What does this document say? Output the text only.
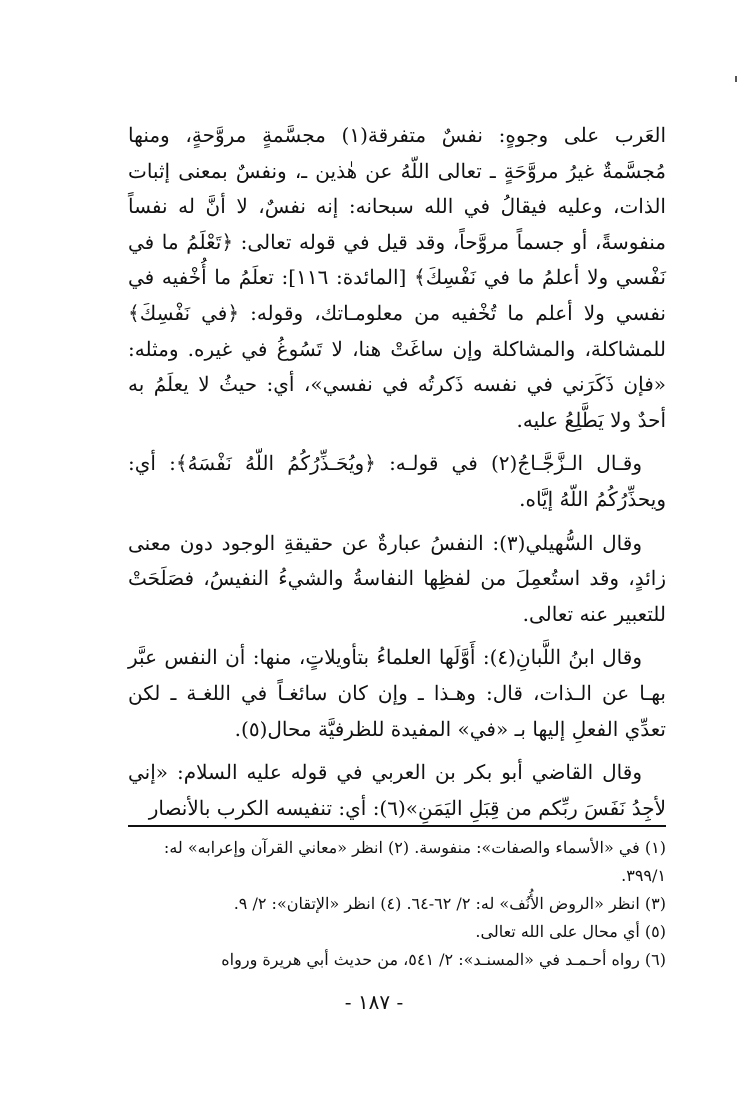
العَرب على وجوهٍ: نفسٌ متفرقة(١) مجسَّمةٍ مروَّحةٍ، ومنها مُجسَّمةٌ غيرُ مروَّحَةٍ ـ تعالى اللّهُ عن هٰذين ـ، ونفسٌ بمعنى إثبات الذات، وعليه فيقالُ في الله سبحانه: إنه نفسٌ، لا أنَّ له نفساً منفوسةً، أو جسماً مروَّحاً، وقد قيل في قوله تعالى: ﴿تَعْلَمُ ما في نَفْسي ولا أعلمُ ما في نَفْسِكَ﴾ [المائدة: ١١٦]: تعلَمُ ما أُخْفيه في نفسي ولا أعلم ما تُخْفيه من معلومـاتك، وقوله: ﴿في نَفْسِكَ﴾ للمشاكلة، والمشاكلة وإن ساغَتْ هنا، لا تَسُوغُ في غيره. ومثله: «فإن ذَكَرَني في نفسه ذَكرتُه في نفسي»، أي: حيثُ لا يعلَمُ به أحدٌ ولا يَطَّلِعُ عليه.

وقـال الـزَّجَّـاجُ(٢) في قولـه: ﴿ويُحَـذِّرُكُمُ اللّهُ نَفْسَهُ﴾: أي: ويحذِّرُكُمُ اللّهُ إيَّاه.

وقال السُّهيلي(٣): النفسُ عبارةٌ عن حقيقةِ الوجود دون معنى زائدٍ، وقد استُعمِلَ من لفظِها النفاسةُ والشيءُ النفيسُ، فصَلَحَتْ للتعبير عنه تعالى.

وقال ابنُ اللَّبانِ(٤): أَوَّلَها العلماءُ بتأويلاتٍ، منها: أن النفس عبَّر بهـا عن الـذات، قال: وهـذا ـ وإن كان سائغـاً في اللغـة ـ لكن تعدِّي الفعلِ إليها بـ «في» المفيدة للظرفيَّة محال(٥).

وقال القاضي أبو بكر بن العربي في قوله عليه السلام: «إني لأجِدُ نَفَسَ ربِّكم من قِبَلِ اليَمَنِ»(٦): أي: تنفيسه الكرب بالأنصار

(١) في «الأسماء والصفات»: منفوسة. (٢) انظر «معاني القرآن وإعرابه» له:

٣٩٩/١.

(٣) انظر «الروض الأُنُف» له: ٢/ ٦٢-٦٤. (٤) انظر «الإتقان»: ٢/ ٩.

(٥) أي محال على الله تعالى.

(٦) رواه أحـمـد في «المسنـد»: ٢/ ٥٤١، من حديث أبي هريرة ورواه

- ١٨٧ -
